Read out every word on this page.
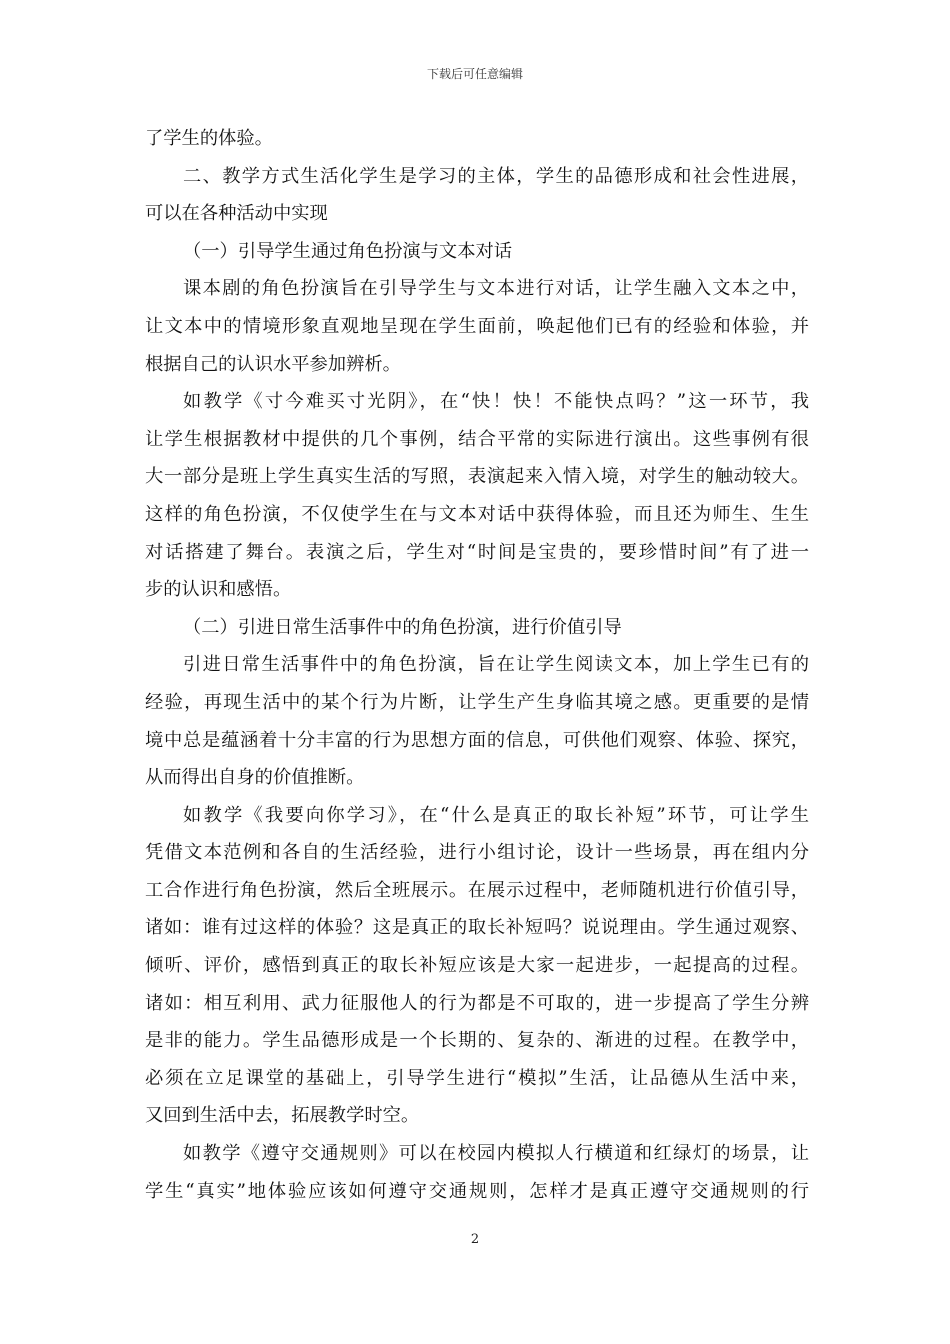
下载后可任意编辑
了学生的体验。
二、教学方式生活化学生是学习的主体，学生的品德形成和社会性进展，
可以在各种活动中实现
（一）引导学生通过角色扮演与文本对话
课本剧的角色扮演旨在引导学生与文本进行对话，让学生融入文本之中，
让文本中的情境形象直观地呈现在学生面前，唤起他们已有的经验和体验，并
根据自己的认识水平参加辨析。
如教学《寸今难买寸光阴》，在“快！快！不能快点吗？”这一环节，我
让学生根据教材中提供的几个事例，结合平常的实际进行演出。这些事例有很
大一部分是班上学生真实生活的写照，表演起来入情入境，对学生的触动较大。
这样的角色扮演，不仅使学生在与文本对话中获得体验，而且还为师生、生生
对话搭建了舞台。表演之后，学生对“时间是宝贵的，要珍惜时间”有了进一
步的认识和感悟。
（二）引进日常生活事件中的角色扮演，进行价值引导
引进日常生活事件中的角色扮演，旨在让学生阅读文本，加上学生已有的
经验，再现生活中的某个行为片断，让学生产生身临其境之感。更重要的是情
境中总是蕴涵着十分丰富的行为思想方面的信息，可供他们观察、体验、探究，
从而得出自身的价值推断。
如教学《我要向你学习》，在“什么是真正的取长补短”环节，可让学生
凭借文本范例和各自的生活经验，进行小组讨论，设计一些场景，再在组内分
工合作进行角色扮演，然后全班展示。在展示过程中，老师随机进行价值引导，
诸如：谁有过这样的体验？这是真正的取长补短吗？说说理由。学生通过观察、
倾听、评价，感悟到真正的取长补短应该是大家一起进步，一起提高的过程。
诸如：相互利用、武力征服他人的行为都是不可取的，进一步提高了学生分辨
是非的能力。学生品德形成是一个长期的、复杂的、渐进的过程。在教学中，
必须在立足课堂的基础上，引导学生进行“模拟”生活，让品德从生活中来，
又回到生活中去，拓展教学时空。
如教学《遵守交通规则》可以在校园内模拟人行横道和红绿灯的场景，让
学生“真实”地体验应该如何遵守交通规则，怎样才是真正遵守交通规则的行
2
